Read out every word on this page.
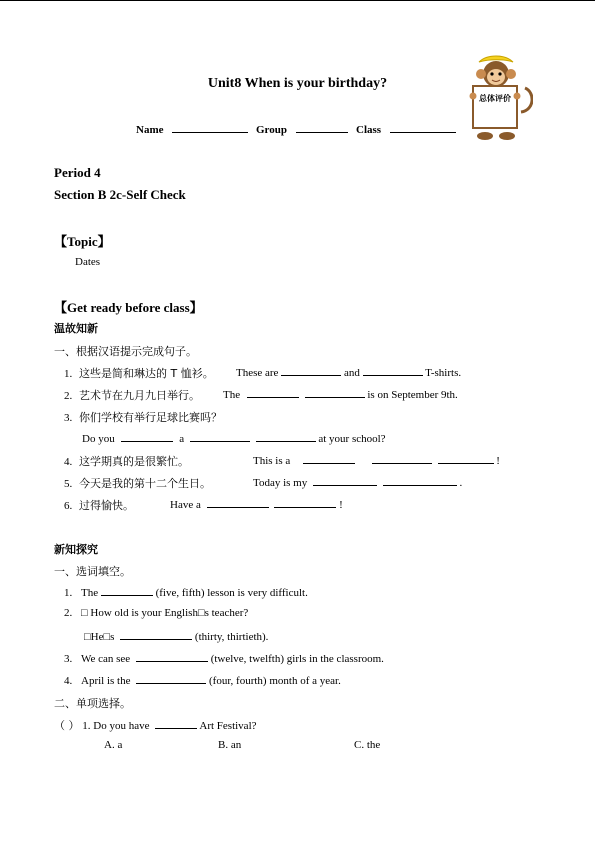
总体评价
Unit8 When is your birthday?
Name	Group	Class
Period 4
Section B 2c-Self Check
【Topic】
Dates
【Get ready before class】
温故知新
一、根据汉语提示完成句子。
1. 这些是简和琳达的 T 恤衫。 These are	and	T-shirts.
2. 艺术节在九月九日举行。 The	is on September 9th.
3. 你们学校有举行足球比赛吗？
Do you	a	at your school?
4. 这学期真的是很繁忙。	This is a	!
5. 今天是我的第十二个生日。	Today is my	.
6. 过得愉快。	Have a	!
新知探究
一、选词填空。
1. The	(five, fifth) lesson is very difficult.
2. □ How old is your English□s teacher?
□He□s	(thirty, thirtieth).
3. We can see	(twelve, twelfth) girls in the classroom.
4. April is the	(four, fourth) month of a year.
二、单项选择。
（ ） 1. Do you have	Art Festival?
A. a	B. an	C. the
